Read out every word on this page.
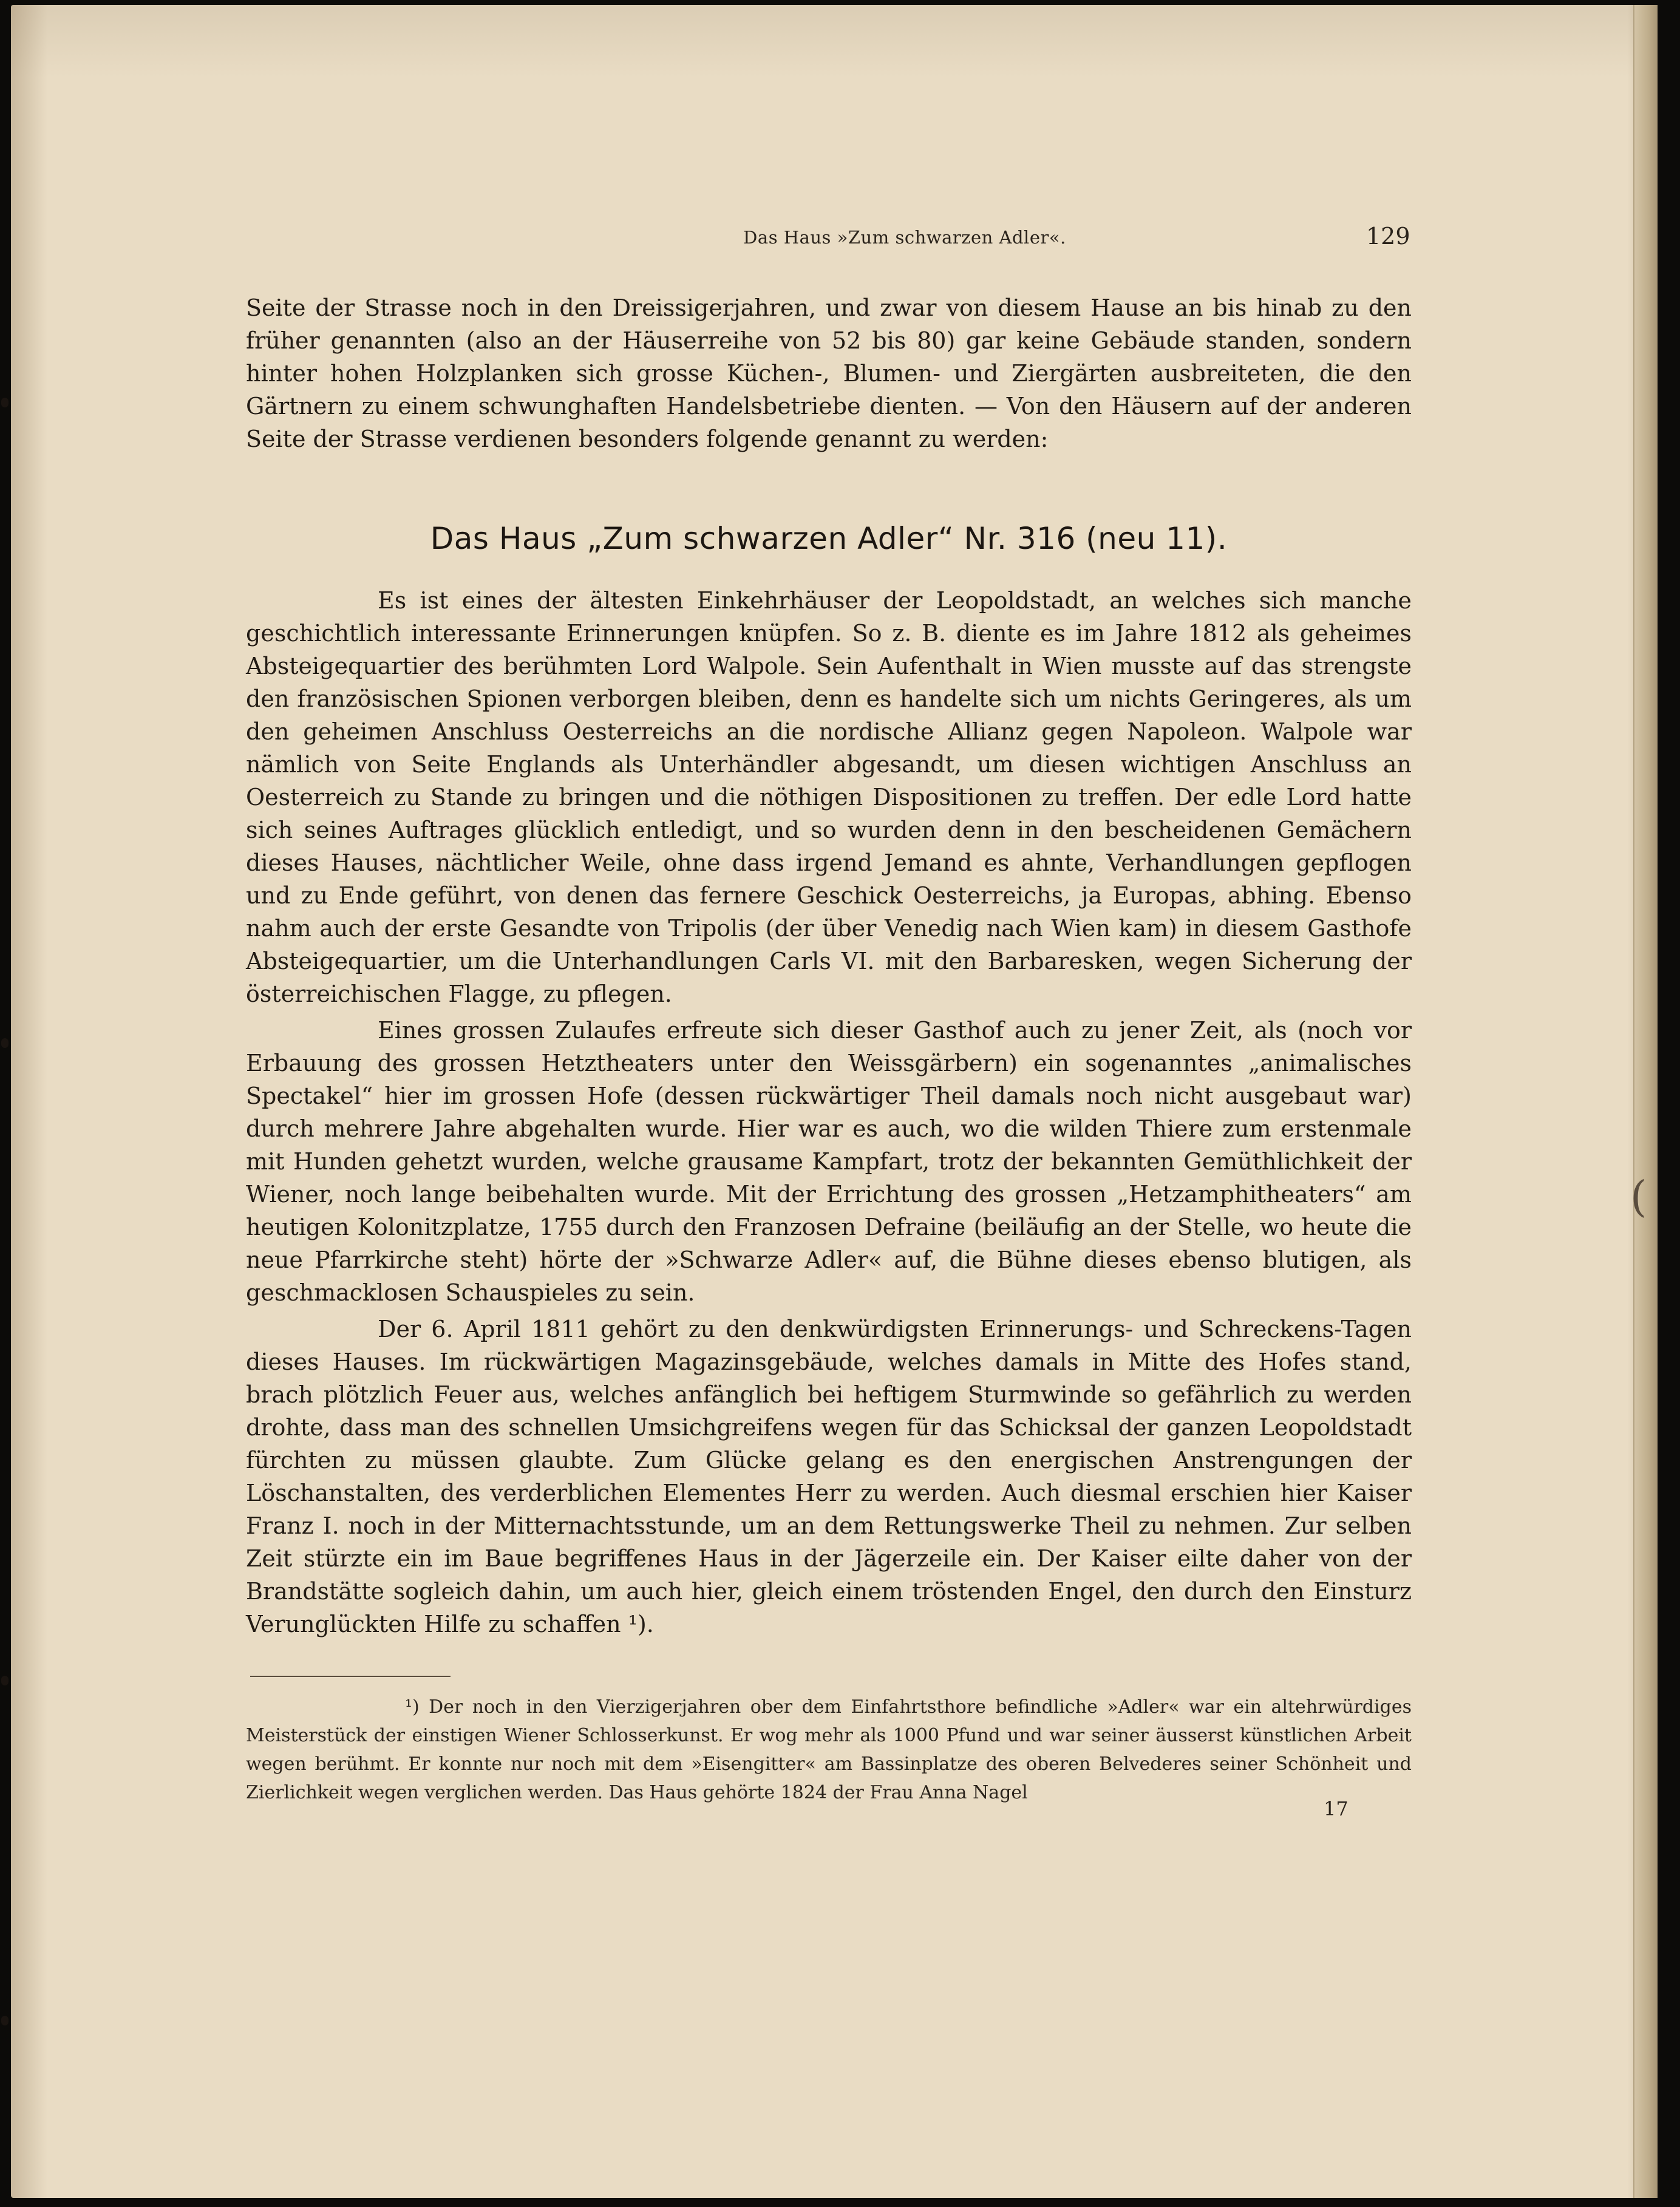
Das Haus »Zum schwarzen Adler«.	129

Seite der Strasse noch in den Dreissigerjahren, und zwar von diesem Hause an bis hinab zu den früher genannten (also an der Häuserreihe von 52 bis 80) gar keine Gebäude standen, sondern hinter hohen Holzplanken sich grosse Küchen-, Blumen- und Ziergärten ausbreiteten, die den Gärtnern zu einem schwunghaften Handelsbetriebe dienten. — Von den Häusern auf der anderen Seite der Strasse verdienen besonders folgende genannt zu werden:

Das Haus „Zum schwarzen Adler“ Nr. 316 (neu 11).

Es ist eines der ältesten Einkehrhäuser der Leopoldstadt, an welches sich manche geschichtlich interessante Erinnerungen knüpfen. So z. B. diente es im Jahre 1812 als geheimes Absteigequartier des berühmten Lord Walpole. Sein Aufenthalt in Wien musste auf das strengste den französischen Spionen verborgen bleiben, denn es handelte sich um nichts Geringeres, als um den geheimen Anschluss Oesterreichs an die nordische Allianz gegen Napoleon. Walpole war nämlich von Seite Englands als Unterhändler abgesandt, um diesen wichtigen Anschluss an Oesterreich zu Stande zu bringen und die nöthigen Dispositionen zu treffen. Der edle Lord hatte sich seines Auftrages glücklich entledigt, und so wurden denn in den bescheidenen Gemächern dieses Hauses, nächtlicher Weile, ohne dass irgend Jemand es ahnte, Verhandlungen gepflogen und zu Ende geführt, von denen das fernere Geschick Oesterreichs, ja Europas, abhing. Ebenso nahm auch der erste Gesandte von Tripolis (der über Venedig nach Wien kam) in diesem Gasthofe Absteigequartier, um die Unterhandlungen Carls VI. mit den Barbaresken, wegen Sicherung der österreichischen Flagge, zu pflegen.

Eines grossen Zulaufes erfreute sich dieser Gasthof auch zu jener Zeit, als (noch vor Erbauung des grossen Hetztheaters unter den Weissgärbern) ein sogenanntes „animalisches Spectakel“ hier im grossen Hofe (dessen rückwärtiger Theil damals noch nicht ausgebaut war) durch mehrere Jahre abgehalten wurde. Hier war es auch, wo die wilden Thiere zum erstenmale mit Hunden gehetzt wurden, welche grausame Kampfart, trotz der bekannten Gemüthlichkeit der Wiener, noch lange beibehalten wurde. Mit der Errichtung des grossen „Hetzamphitheaters“ am heutigen Kolonitzplatze, 1755 durch den Franzosen Defraine (beiläufig an der Stelle, wo heute die neue Pfarrkirche steht) hörte der »Schwarze Adler« auf, die Bühne dieses ebenso blutigen, als geschmacklosen Schauspieles zu sein.

Der 6. April 1811 gehört zu den denkwürdigsten Erinnerungs- und Schreckens-Tagen dieses Hauses. Im rückwärtigen Magazinsgebäude, welches damals in Mitte des Hofes stand, brach plötzlich Feuer aus, welches anfänglich bei heftigem Sturmwinde so gefährlich zu werden drohte, dass man des schnellen Umsichgreifens wegen für das Schicksal der ganzen Leopoldstadt fürchten zu müssen glaubte. Zum Glücke gelang es den energischen Anstrengungen der Löschanstalten, des verderblichen Elementes Herr zu werden. Auch diesmal erschien hier Kaiser Franz I. noch in der Mitternachtsstunde, um an dem Rettungswerke Theil zu nehmen. Zur selben Zeit stürzte ein im Baue begriffenes Haus in der Jägerzeile ein. Der Kaiser eilte daher von der Brandstätte sogleich dahin, um auch hier, gleich einem tröstenden Engel, den durch den Einsturz Verunglückten Hilfe zu schaffen ¹).

(
¹) Der noch in den Vierzigerjahren ober dem Einfahrtsthore befindliche »Adler« war ein altehrwürdiges Meisterstück der einstigen Wiener Schlosserkunst. Er wog mehr als 1000 Pfund und war seiner äusserst künstlichen Arbeit wegen berühmt. Er konnte nur noch mit dem »Eisengitter« am Bassinplatze des oberen Belvederes seiner Schönheit und Zierlichkeit wegen verglichen werden. Das Haus gehörte 1824 der Frau Anna Nagel
17
